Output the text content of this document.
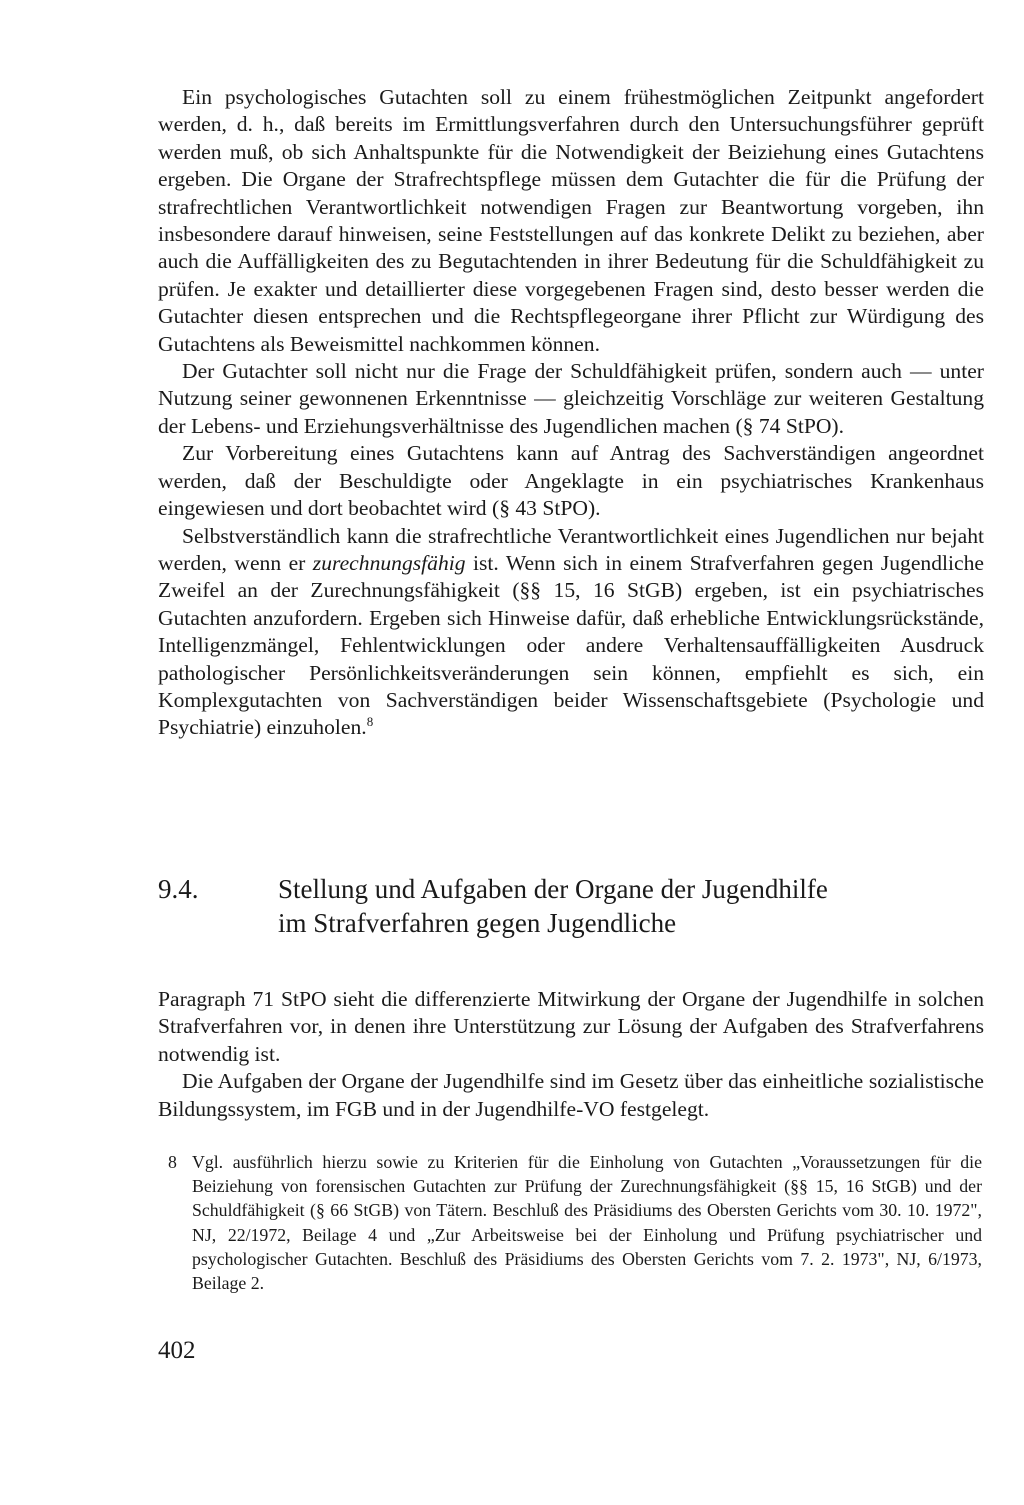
Ein psychologisches Gutachten soll zu einem frühestmöglichen Zeitpunkt angefordert werden, d. h., daß bereits im Ermittlungsverfahren durch den Untersuchungsführer geprüft werden muß, ob sich Anhaltspunkte für die Notwendigkeit der Beiziehung eines Gutachtens ergeben. Die Organe der Strafrechtspflege müssen dem Gutachter die für die Prüfung der strafrechtlichen Verantwortlichkeit notwendigen Fragen zur Beantwortung vorgeben, ihn insbesondere darauf hinweisen, seine Feststellungen auf das konkrete Delikt zu beziehen, aber auch die Auffälligkeiten des zu Begutachtenden in ihrer Bedeutung für die Schuldfähigkeit zu prüfen. Je exakter und detaillierter diese vorgegebenen Fragen sind, desto besser werden die Gutachter diesen entsprechen und die Rechtspflegeorgane ihrer Pflicht zur Würdigung des Gutachtens als Beweismittel nachkommen können.

Der Gutachter soll nicht nur die Frage der Schuldfähigkeit prüfen, sondern auch — unter Nutzung seiner gewonnenen Erkenntnisse — gleichzeitig Vorschläge zur weiteren Gestaltung der Lebens- und Erziehungsverhältnisse des Jugendlichen machen (§ 74 StPO).

Zur Vorbereitung eines Gutachtens kann auf Antrag des Sachverständigen angeordnet werden, daß der Beschuldigte oder Angeklagte in ein psychiatrisches Krankenhaus eingewiesen und dort beobachtet wird (§ 43 StPO).

Selbstverständlich kann die strafrechtliche Verantwortlichkeit eines Jugendlichen nur bejaht werden, wenn er zurechnungsfähig ist. Wenn sich in einem Strafverfahren gegen Jugendliche Zweifel an der Zurechnungsfähigkeit (§§ 15, 16 StGB) ergeben, ist ein psychiatrisches Gutachten anzufordern. Ergeben sich Hinweise dafür, daß erhebliche Entwicklungsrückstände, Intelligenzmängel, Fehlentwicklungen oder andere Verhaltensauffälligkeiten Ausdruck pathologischer Persönlichkeitsveränderungen sein können, empfiehlt es sich, ein Komplexgutachten von Sachverständigen beider Wissenschaftsgebiete (Psychologie und Psychiatrie) einzuholen.$^8$

9.4.	Stellung und Aufgaben der Organe der Jugendhilfe
im Strafverfahren gegen Jugendliche

Paragraph 71 StPO sieht die differenzierte Mitwirkung der Organe der Jugendhilfe in solchen Strafverfahren vor, in denen ihre Unterstützung zur Lösung der Aufgaben des Strafverfahrens notwendig ist.

Die Aufgaben der Organe der Jugendhilfe sind im Gesetz über das einheitliche sozialistische Bildungssystem, im FGB und in der Jugendhilfe-VO festgelegt.

8 Vgl. ausführlich hierzu sowie zu Kriterien für die Einholung von Gutachten „Voraussetzungen für die Beiziehung von forensischen Gutachten zur Prüfung der Zurechnungsfähigkeit (§§ 15, 16 StGB) und der Schuldfähigkeit (§ 66 StGB) von Tätern. Beschluß des Präsidiums des Obersten Gerichts vom 30. 10. 1972", NJ, 22/1972, Beilage 4 und „Zur Arbeitsweise bei der Einholung und Prüfung psychiatrischer und psychologischer Gutachten. Beschluß des Präsidiums des Obersten Gerichts vom 7. 2. 1973", NJ, 6/1973, Beilage 2.
402
